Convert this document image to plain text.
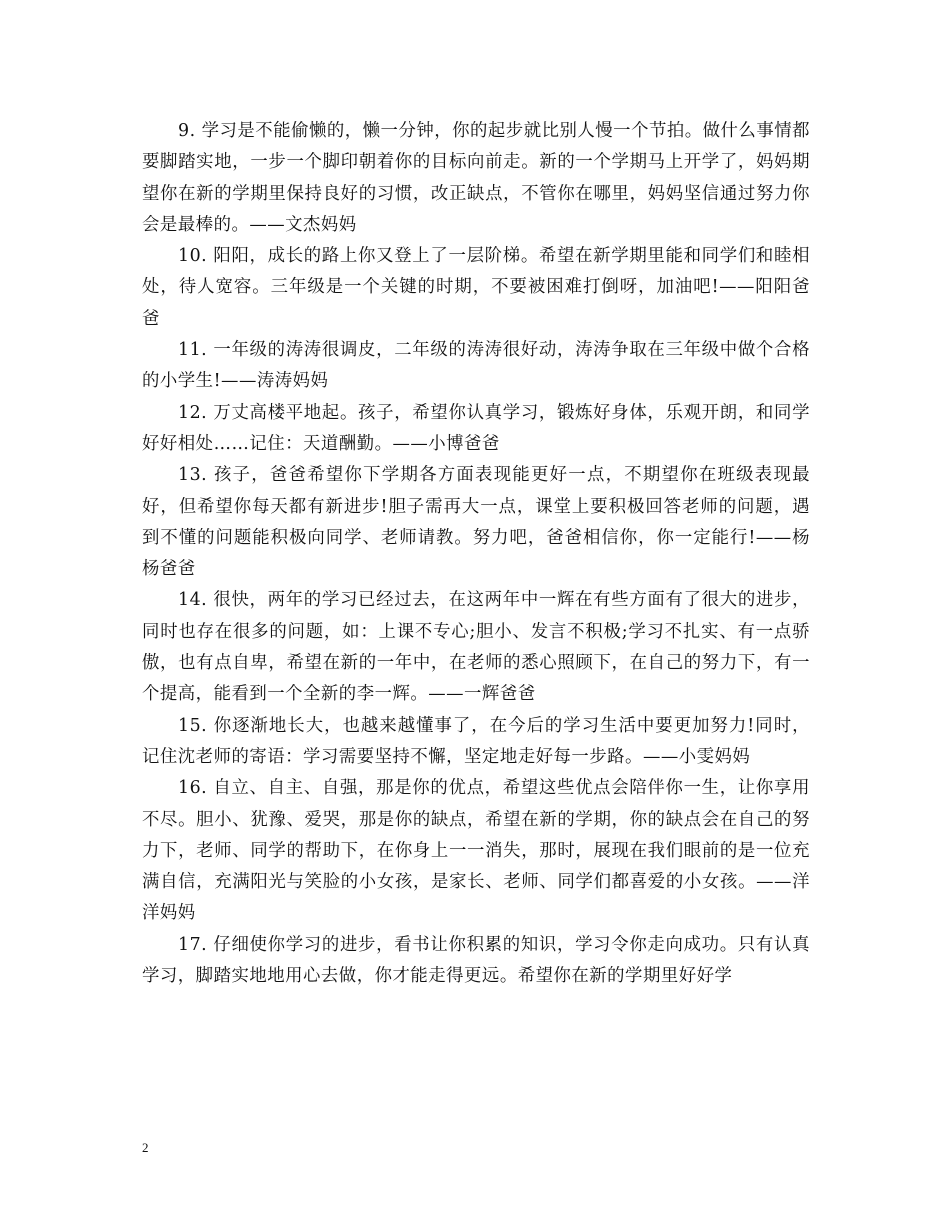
9. 学习是不能偷懒的，懒一分钟，你的起步就比别人慢一个节拍。做什么事情都要脚踏实地，一步一个脚印朝着你的目标向前走。新的一个学期马上开学了，妈妈期望你在新的学期里保持良好的习惯，改正缺点，不管你在哪里，妈妈坚信通过努力你会是最棒的。——文杰妈妈

10. 阳阳，成长的路上你又登上了一层阶梯。希望在新学期里能和同学们和睦相处，待人宽容。三年级是一个关键的时期，不要被困难打倒呀，加油吧!——阳阳爸爸

11. 一年级的涛涛很调皮，二年级的涛涛很好动，涛涛争取在三年级中做个合格的小学生!——涛涛妈妈

12. 万丈高楼平地起。孩子，希望你认真学习，锻炼好身体，乐观开朗，和同学好好相处……记住：天道酬勤。——小博爸爸

13. 孩子，爸爸希望你下学期各方面表现能更好一点，不期望你在班级表现最好，但希望你每天都有新进步!胆子需再大一点，课堂上要积极回答老师的问题，遇到不懂的问题能积极向同学、老师请教。努力吧，爸爸相信你，你一定能行!——杨杨爸爸

14. 很快，两年的学习已经过去，在这两年中一辉在有些方面有了很大的进步，同时也存在很多的问题，如：上课不专心;胆小、发言不积极;学习不扎实、有一点骄傲，也有点自卑，希望在新的一年中，在老师的悉心照顾下，在自己的努力下，有一个提高，能看到一个全新的李一辉。——一辉爸爸

15. 你逐渐地长大，也越来越懂事了，在今后的学习生活中要更加努力!同时，记住沈老师的寄语：学习需要坚持不懈，坚定地走好每一步路。——小雯妈妈

16. 自立、自主、自强，那是你的优点，希望这些优点会陪伴你一生，让你享用不尽。胆小、犹豫、爱哭，那是你的缺点，希望在新的学期，你的缺点会在自己的努力下，老师、同学的帮助下，在你身上一一消失，那时，展现在我们眼前的是一位充满自信，充满阳光与笑脸的小女孩，是家长、老师、同学们都喜爱的小女孩。——洋洋妈妈

17. 仔细使你学习的进步，看书让你积累的知识，学习令你走向成功。只有认真学习，脚踏实地地用心去做，你才能走得更远。希望你在新的学期里好好学

2
